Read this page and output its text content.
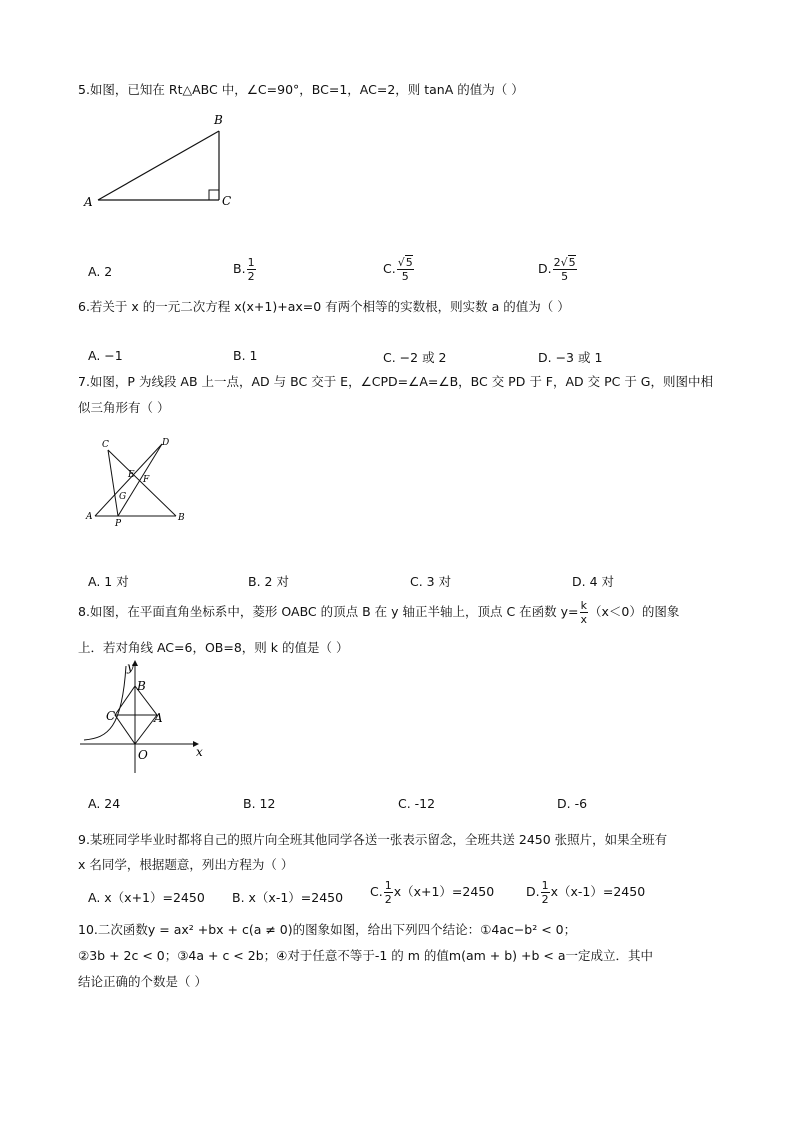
5.如图，已知在 Rt△ABC 中，∠C=90°，BC=1，AC=2，则 tanA 的值为（ ）
A
B
C
A. 2	B. $\frac{1}{2}$	C. $\frac{√5}{5}$	D. $\frac{2√5}{5}$
6.若关于 x 的一元二次方程 x(x+1)+ax=0 有两个相等的实数根，则实数 a 的值为（ ）
A. −1	B. 1	C. −2 或 2	D. −3 或 1
7.如图，P 为线段 AB 上一点，AD 与 BC 交于 E，∠CPD=∠A=∠B，BC 交 PD 于 F，AD 交 PC 于 G，则图中相
似三角形有（ ）
C	D
E F
G
A
P
B
A. 1 对	B. 2 对	C. 3 对	D. 4 对
8.如图，在平面直角坐标系中，菱形 OABC 的顶点 B 在 y 轴正半轴上，顶点 C 在函数 $y= \frac{k}{x} (x<0)$的图象
上．若对角线 AC=6，OB=8，则 k 的值是（ ）
x
y
O
B
C	A
A. 24	B. 12	C. -12	D. -6
9.某班同学毕业时都将自己的照片向全班其他同学各送一张表示留念，全班共送 2450 张照片，如果全班有
x 名同学，根据题意，列出方程为（ ）
A. x（x+1）=2450 B. x（x-1）=2450 C. $\frac{1}{2} x(x+1)=2450$	D. $\frac{1}{2} x(x-1)=2450$
10.二次函数y = ax² +bx + c(a ≠ 0)的图象如图，给出下列四个结论：①4ac−b² < 0；
②3b + 2c < 0；③4a + c < 2b；④对于任意不等于-1 的 m 的值m(am + b) +b < a一定成立．其中
结论正确的个数是（ ）
